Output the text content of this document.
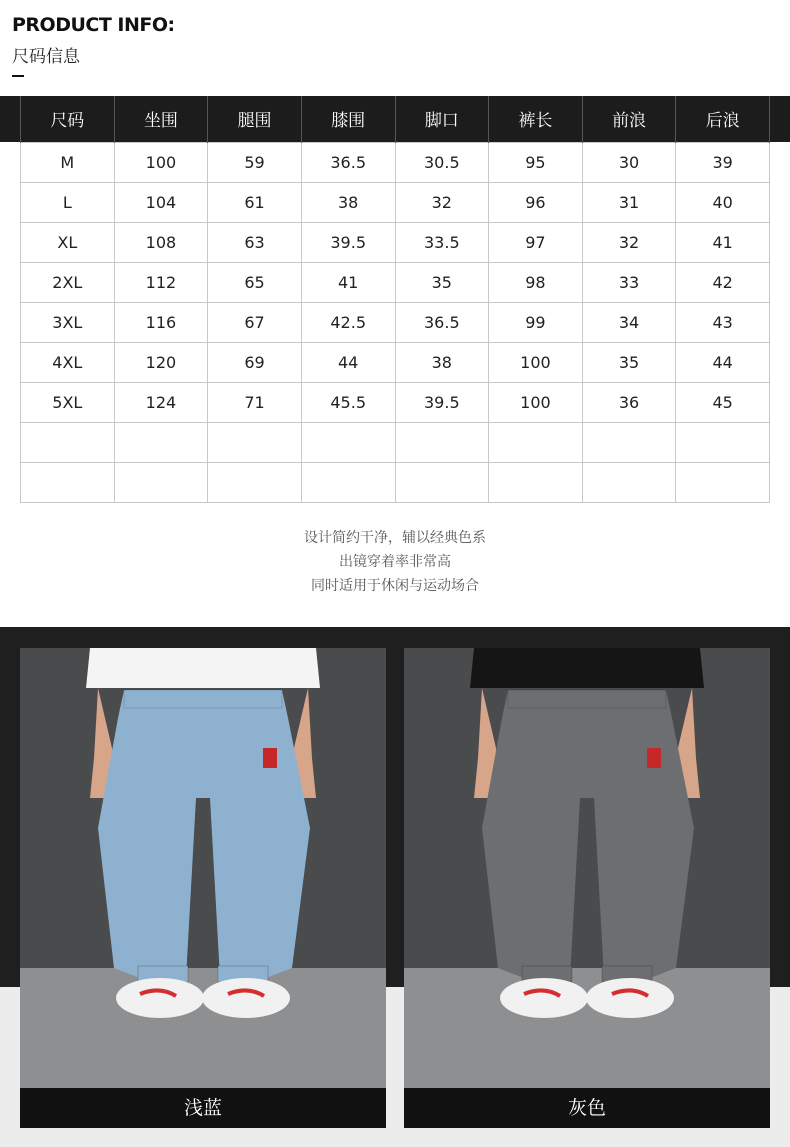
PRODUCT INFO:
尺码信息
尺码	坐围	腿围	膝围	脚口	裤长	前浪	后浪
M	100	59	36.5	30.5	95	30	39
L	104	61	38	32	96	31	40
XL	108	63	39.5	33.5	97	32	41
2XL	112	65	41	35	98	33	42
3XL	116	67	42.5	36.5	99	34	43
4XL	120	69	44	38	100	35	44
5XL	124	71	45.5	39.5	100	36	45

设计简约干净，辅以经典色系
出镜穿着率非常高
同时适用于休闲与运动场合
浅蓝	灰色
